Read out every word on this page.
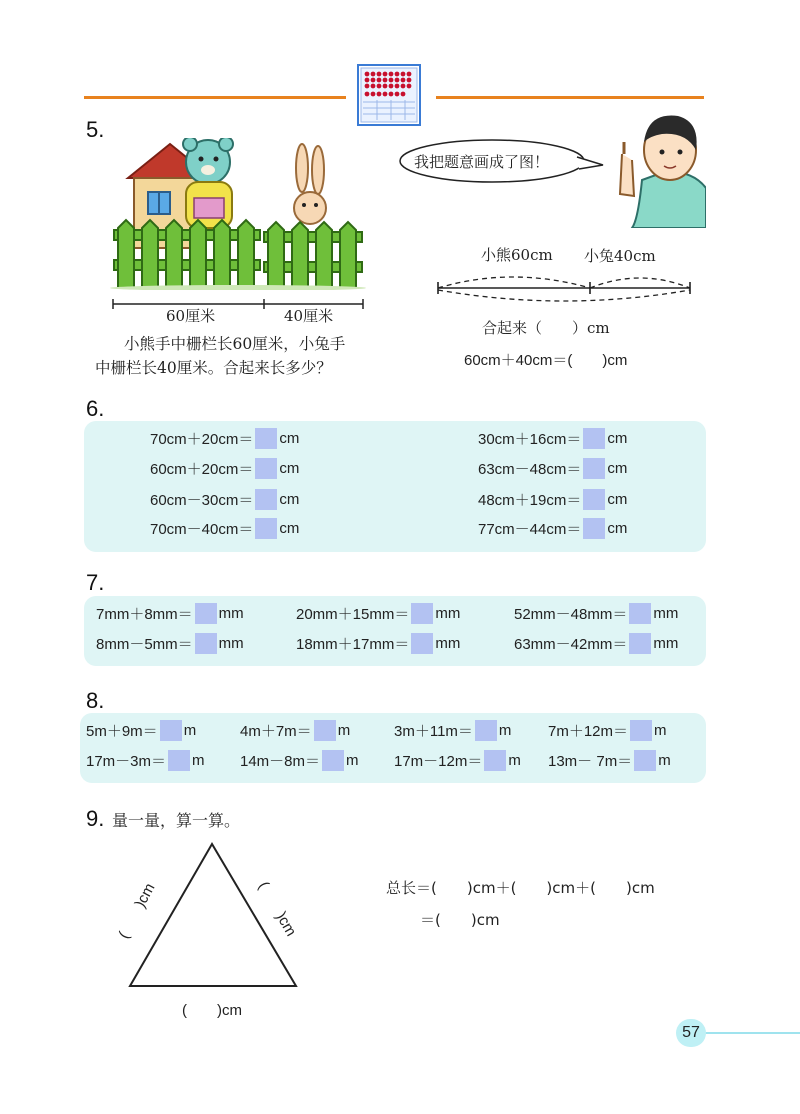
5.
60厘米	40厘米
小熊手中栅栏长60厘米，小兔手
中栅栏长40厘米。合起来长多少？
我把题意画成了图！
小熊60cm 小兔40cm
合起来（　　）cm
60cm＋40cm＝(　　)cm
6.
70cm＋20cm＝ cm	30cm＋16cm＝ cm
60cm＋20cm＝ cm	63cm－48cm＝ cm
60cm－30cm＝ cm	48cm＋19cm＝ cm
70cm－40cm＝ cm	77cm－44cm＝ cm
7.
7mm＋8mm＝ mm	20mm＋15mm＝ mm	52mm－48mm＝ mm
8mm－5mm＝ mm	18mm＋17mm＝ mm	63mm－42mm＝ mm
8.
5m＋9m＝ m	4m＋7m＝ m	3m＋11m＝ m 7m＋12m＝ m
17m－3m＝ m 14m－8m＝ m 17m－12m＝ m 13m－ 7m＝ m
9. 量一量，算一算。
(　　)cm	(　　)cm
(　　)cm
总长＝(　　)cm＋(　　)cm＋(　　)cm
＝(　　)cm
57
